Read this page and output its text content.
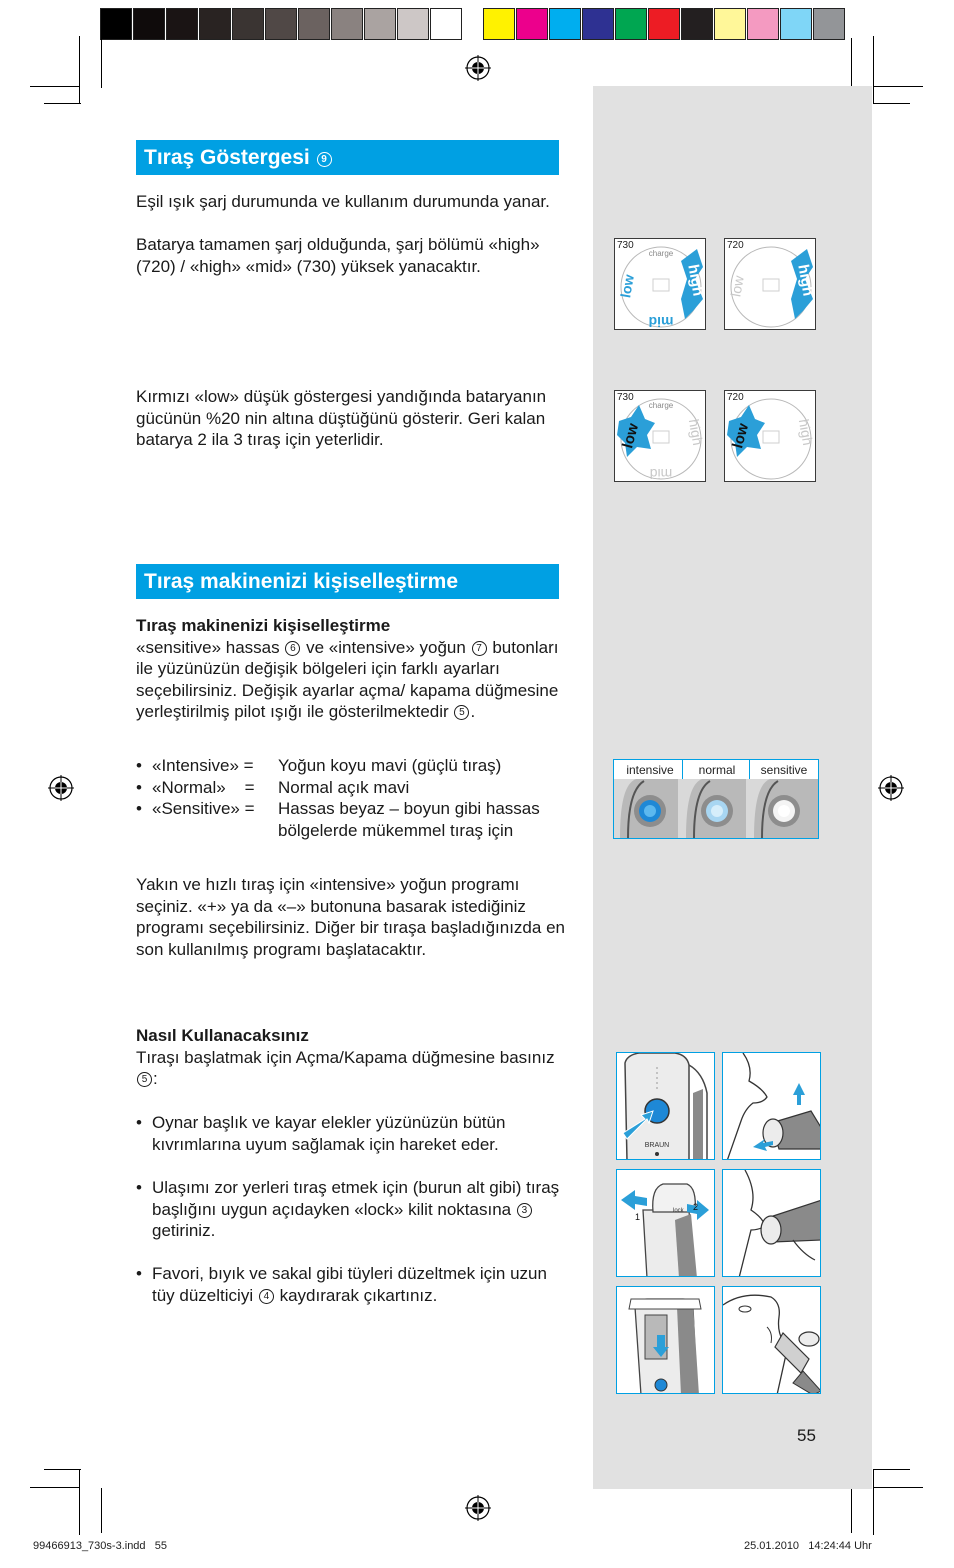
Tıraş Göstergesi 9
Eşil ışık şarj durumunda ve kullanım durumunda yanar.
Batarya tamamen şarj olduğunda, şarj bölümü «high» (720) / «high» «mid» (730) yüksek yanacaktır.
Kırmızı «low» düşük göstergesi yandığında bataryanın gücünün %20 nin altına düştüğünü gösterir. Geri kalan batarya 2 ila 3 tıraş için yeterlidir.
730
charge
low	high
mid
720
low	high
730
charge
low	high
mid
720
low	high
Tıraş makinenizi kişiselleştirme
Tıraş makinenizi kişiselleştirme
«sensitive» hassas 6 ve «intensive» yoğun 7 butonları ile yüzünüzün değişik bölgeleri için farklı ayarları seçebilirsiniz. Değişik ayarlar açma/ kapama düğmesine yerleştirilmiş pilot ışığı ile gösterilmektedir 5 .
• «Intensive» =	Yoğun koyu mavi (güçlü tıraş)
• «Normal»    =	Normal açık mavi
• «Sensitive» =	Hassas beyaz – boyun gibi hassas bölgelerde mükemmel tıraş için
Yakın ve hızlı tıraş için «intensive» yoğun programı seçiniz. «+» ya da «–» butonuna basarak istediğiniz programı seçebilirsiniz. Diğer bir tıraşa başladığınızda en son kullanılmış programı başlatacaktır.
intensive	normal	sensitive
Nasıl Kullanacaksınız
Tıraşı başlatmak için Açma/Kapama düğmesine basınız 5 :
• Oynar başlık ve kayar elekler yüzünüzün bütün kıvrımlarına uyum sağlamak için hareket eder.
• Ulaşımı zor yerleri tıraş etmek için (burun alt gibi) tıraş başlığını uygun açıdayken «lock» kilit noktasına 3 getiriniz.
• Favori, bıyık ve sakal gibi tüyleri düzeltmek için uzun tüy düzelticiyi 4 kaydırarak çıkartınız.
BRAUN
1
2
lock
55
99466913_730s-3.indd   55	25.01.2010   14:24:44 Uhr
